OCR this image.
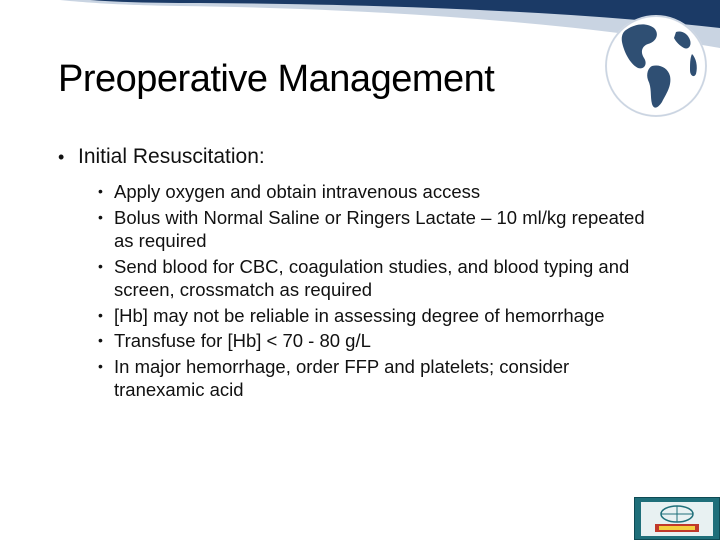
Preoperative Management
• Initial Resuscitation:
• Apply oxygen and obtain intravenous access
• Bolus with Normal Saline or Ringers Lactate – 10 ml/kg repeated as required
• Send blood for CBC, coagulation studies, and blood typing and screen, crossmatch as required
• [Hb] may not be reliable in assessing degree of hemorrhage
• Transfuse for [Hb] < 70 - 80 g/L
• In major hemorrhage, order FFP and platelets; consider tranexamic acid
